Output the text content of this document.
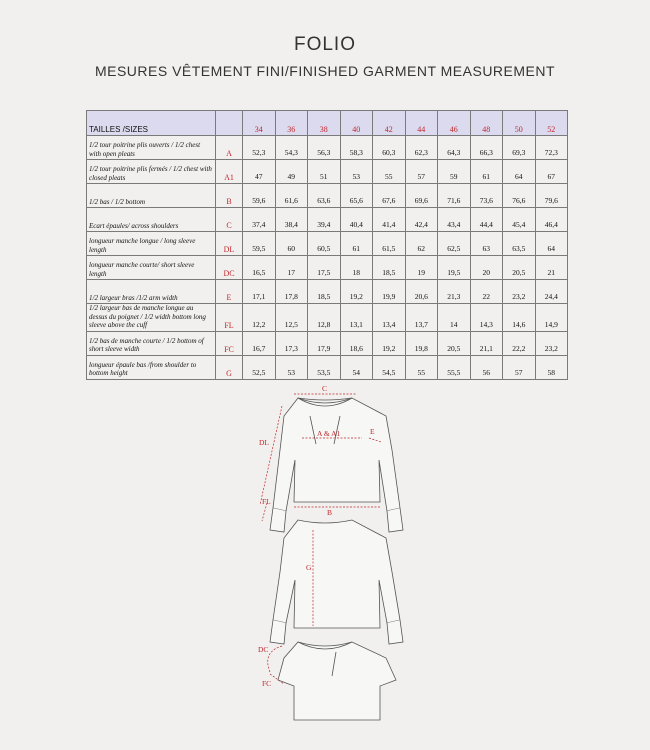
FOLIO
MESURES VÊTEMENT FINI/FINISHED GARMENT MEASUREMENT
TAILLES /SIZES		34	36	38	40	42	44	46	48	50	52
1/2 tour poitrine plis ouverts / 1/2 chest with open pleats	A	52,3	54,3	56,3	58,3	60,3	62,3	64,3	66,3	69,3	72,3
1/2 tour poitrine plis fermés / 1/2 chest with closed pleats	A1	47	49	51	53	55	57	59	61	64	67
1/2 bas / 1/2 bottom	B	59,6	61,6	63,6	65,6	67,6	69,6	71,6	73,6	76,6	79,6
Ecart épaules/ across shoulders	C	37,4	38,4	39,4	40,4	41,4	42,4	43,4	44,4	45,4	46,4
longueur manche longue / long sleeve length	DL	59,5	60	60,5	61	61,5	62	62,5	63	63,5	64
longueur manche courte/ short sleeve length	DC	16,5	17	17,5	18	18,5	19	19,5	20	20,5	21
1/2 largeur bras /1/2 arm width	E	17,1	17,8	18,5	19,2	19,9	20,6	21,3	22	23,2	24,4
1/2 largeur bas de manche longue au dessus du poignet / 1/2 width bottom long sleeve above the cuff	FL	12,2	12,5	12,8	13,1	13,4	13,7	14	14,3	14,6	14,9
1/2 bas de manche courte / 1/2 bottom of short sleeve width	FC	16,7	17,3	17,9	18,6	19,2	19,8	20,5	21,1	22,2	23,2
longueur épaule bas /from shoulder to bottom height	G	52,5	53	53,5	54	54,5	55	55,5	56	57	58
C
A & A1	E
DL
FL
B
G
DC
FC
